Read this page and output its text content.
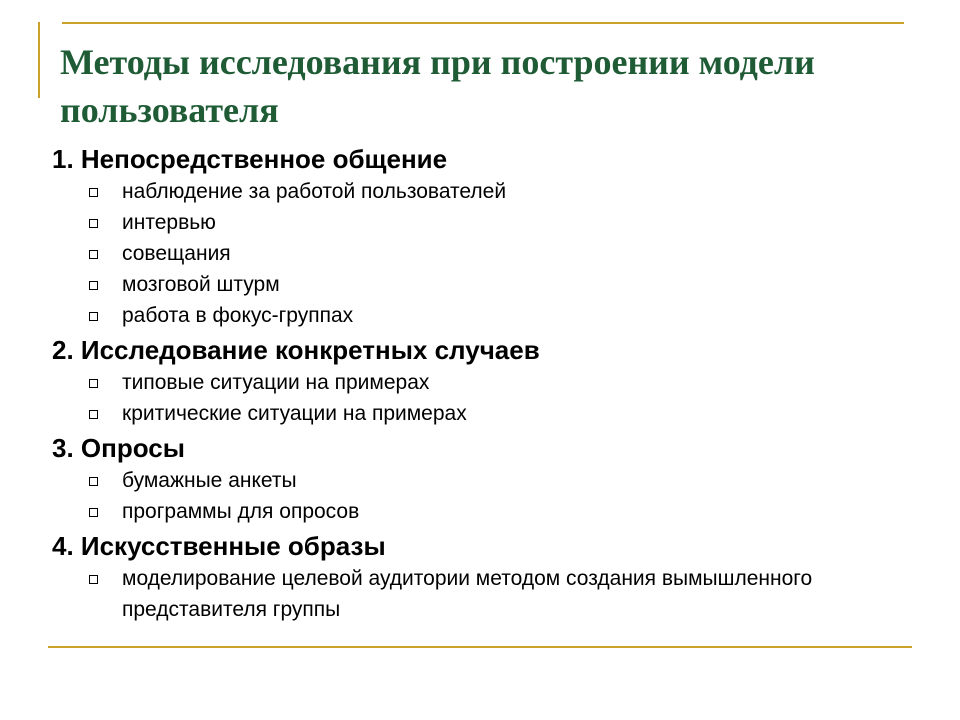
Методы исследования при построении модели пользователя

1. Непосредственное общение

наблюдение за работой пользователей
интервью
совещания
мозговой штурм
работа в фокус-группах

2. Исследование конкретных случаев

типовые ситуации на примерах
критические ситуации на примерах

3. Опросы

бумажные анкеты
программы для опросов

4. Искусственные образы

моделирование целевой аудитории методом создания вымышленного представителя группы
